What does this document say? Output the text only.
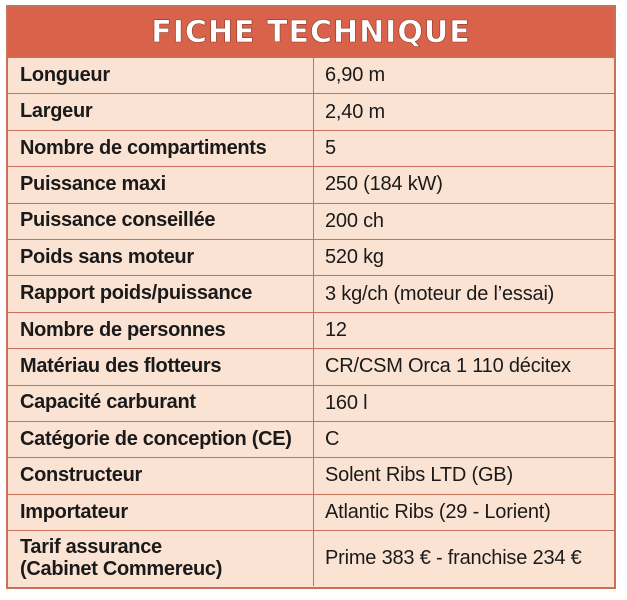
FICHE TECHNIQUE
Longueur	6,90 m
Largeur	2,40 m
Nombre de compartiments	5
Puissance maxi	250 (184 kW)
Puissance conseillée	200 ch
Poids sans moteur	520 kg
Rapport poids/puissance	3 kg/ch (moteur de l’essai)
Nombre de personnes	12
Matériau des flotteurs	CR/CSM Orca 1 110 décitex
Capacité carburant	160 l
Catégorie de conception (CE)	C
Constructeur	Solent Ribs LTD (GB)
Importateur	Atlantic Ribs (29 - Lorient)
Tarif assurance
(Cabinet Commereuc)	Prime 383 € - franchise 234 €
